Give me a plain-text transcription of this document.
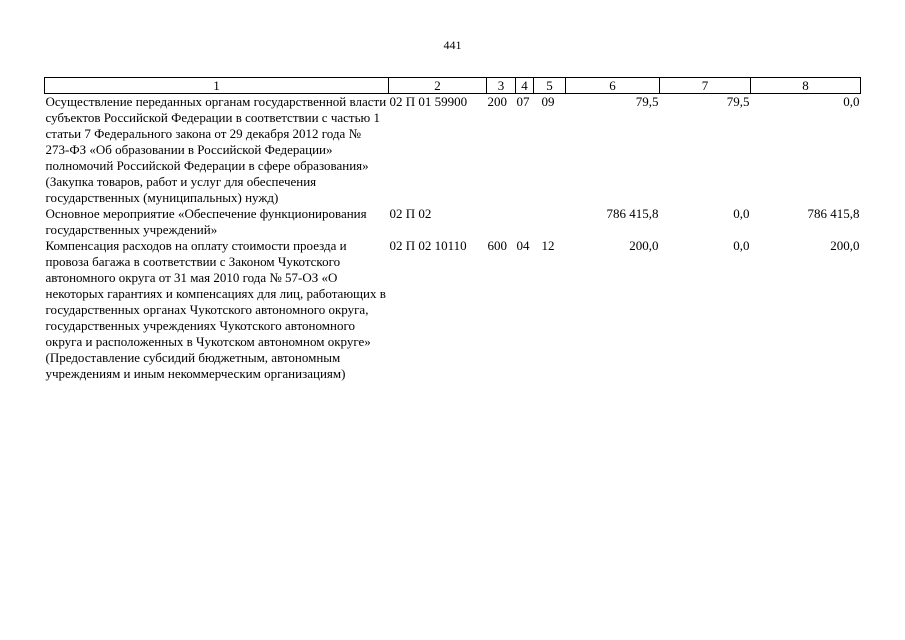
441
1	2	3	4	5	6	7	8
Осуществление переданных органам государственной власти субъектов Российской Федерации в соответствии с частью 1 статьи 7 Федерального закона от 29 декабря 2012 года № 273-ФЗ «Об образовании в Российской Федерации» полномочий Российской Федерации в сфере образования» (Закупка товаров, работ и услуг для обеспечения государственных (муниципальных) нужд)	02 П 01 59900	200	07	09	79,5	79,5	0,0
Основное мероприятие «Обеспечение функционирования государственных учреждений»	02 П 02				786 415,8	0,0	786 415,8
Компенсация расходов на оплату стоимости проезда и провоза багажа в соответствии с Законом Чукотского автономного округа от 31 мая 2010 года № 57-ОЗ «О некоторых гарантиях и компенсациях для лиц, работающих в государственных органах Чукотского автономного округа, государственных учреждениях Чукотского автономного округа и расположенных в Чукотском автономном округе» (Предоставление субсидий бюджетным, автономным учреждениям и иным некоммерческим организациям)	02 П 02 10110	600	04	12	200,0	0,0	200,0
